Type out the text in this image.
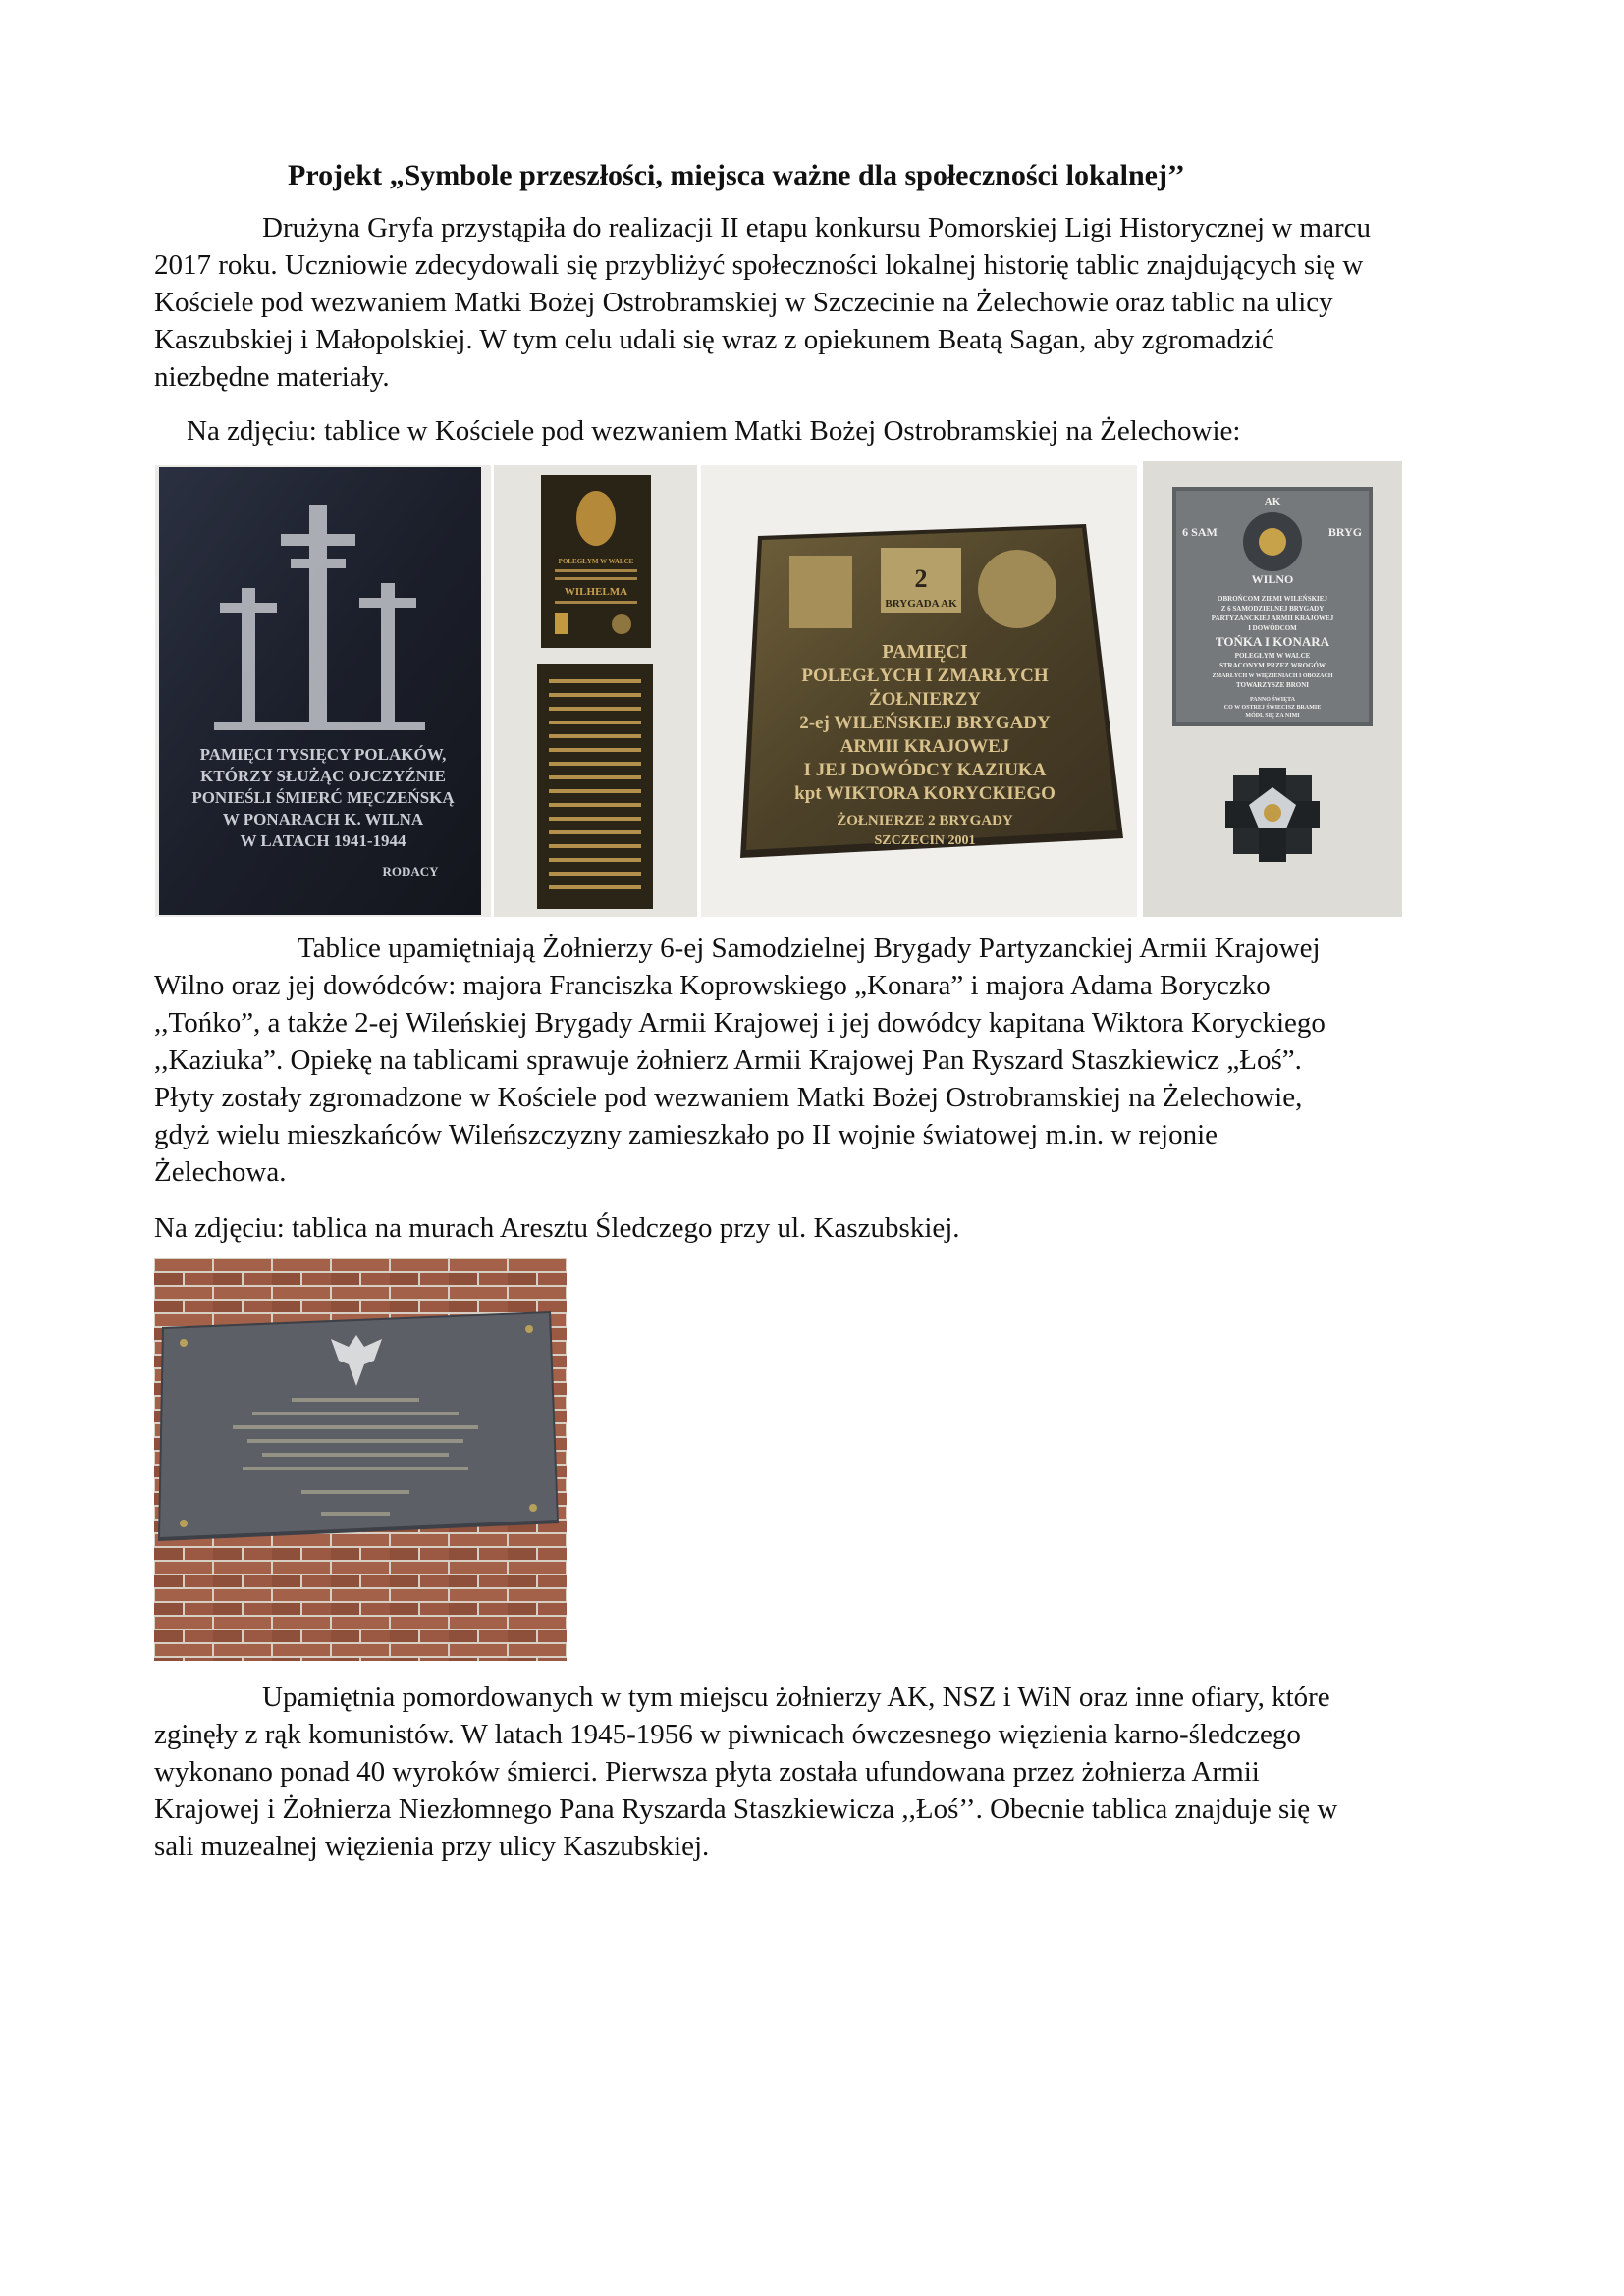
Projekt „Symbole przeszłości, miejsca ważne dla społeczności lokalnej’’
Drużyna Gryfa przystąpiła do realizacji II etapu konkursu Pomorskiej Ligi Historycznej w marcu
2017 roku. Uczniowie zdecydowali się przybliżyć społeczności lokalnej historię tablic znajdujących się w
Kościele pod wezwaniem Matki Bożej Ostrobramskiej w Szczecinie na Żelechowie oraz tablic na ulicy
Kaszubskiej i Małopolskiej. W tym celu udali się wraz z opiekunem Beatą Sagan, aby zgromadzić
niezbędne materiały.
Na zdjęciu: tablice w Kościele pod wezwaniem Matki Bożej Ostrobramskiej na Żelechowie:
PAMIĘCI TYSIĘCY POLAKÓW,
KTÓRZY SŁUŻĄC OJCZYŹNIE
PONIEŚLI ŚMIERĆ MĘCZEŃSKĄ
W PONARACH K. WILNA
W LATACH 1941-1944
RODACY
POLEGŁYM W WALCE
WILHELMA	2
BRYGADA AK
PAMIĘCI
POLEGŁYCH I ZMARŁYCH
ŻOŁNIERZY
2-ej WILEŃSKIEJ BRYGADY
ARMII KRAJOWEJ
I JEJ DOWÓDCY KAZIUKA
kpt WIKTORA KORYCKIEGO
ŻOŁNIERZE 2 BRYGADY
SZCZECIN 2001
6 SAM
AK
BRYG
WILNO
OBROŃCOM ZIEMI WILEŃSKIEJ
Z 6 SAMODZIELNEJ BRYGADY
PARTYZANCKIEJ ARMII KRAJOWEJ
I DOWÓDCOM
TOŃKA I KONARA
POLEGŁYM W WALCE
STRACONYM PRZEZ WROGÓW
ZMARŁYCH W WIĘZIENIACH I OBOZACH
TOWARZYSZE BRONI
PANNO ŚWIĘTA
CO W OSTREJ ŚWIECISZ BRAMIE
MÓDL SIĘ ZA NIMI
Tablice upamiętniają Żołnierzy 6-ej Samodzielnej Brygady Partyzanckiej Armii Krajowej
Wilno oraz jej dowódców: majora Franciszka Koprowskiego „Konara” i majora Adama Boryczko
,,Tońko”, a także 2-ej Wileńskiej Brygady Armii Krajowej i jej dowódcy kapitana Wiktora Koryckiego
,,Kaziuka”. Opiekę na tablicami sprawuje żołnierz Armii Krajowej Pan Ryszard Staszkiewicz „Łoś”.
Płyty zostały zgromadzone w Kościele pod wezwaniem Matki Bożej Ostrobramskiej na Żelechowie,
gdyż wielu mieszkańców Wileńszczyzny zamieszkało po II wojnie światowej m.in. w rejonie
Żelechowa.
Na zdjęciu: tablica na murach Aresztu Śledczego przy ul. Kaszubskiej.
Upamiętnia pomordowanych w tym miejscu żołnierzy AK, NSZ i WiN oraz inne ofiary, które
zginęły z rąk komunistów. W latach 1945-1956 w piwnicach ówczesnego więzienia karno-śledczego
wykonano ponad 40 wyroków śmierci. Pierwsza płyta została ufundowana przez żołnierza Armii
Krajowej i Żołnierza Niezłomnego Pana Ryszarda Staszkiewicza ,,Łoś’’. Obecnie tablica znajduje się w
sali muzealnej więzienia przy ulicy Kaszubskiej.
